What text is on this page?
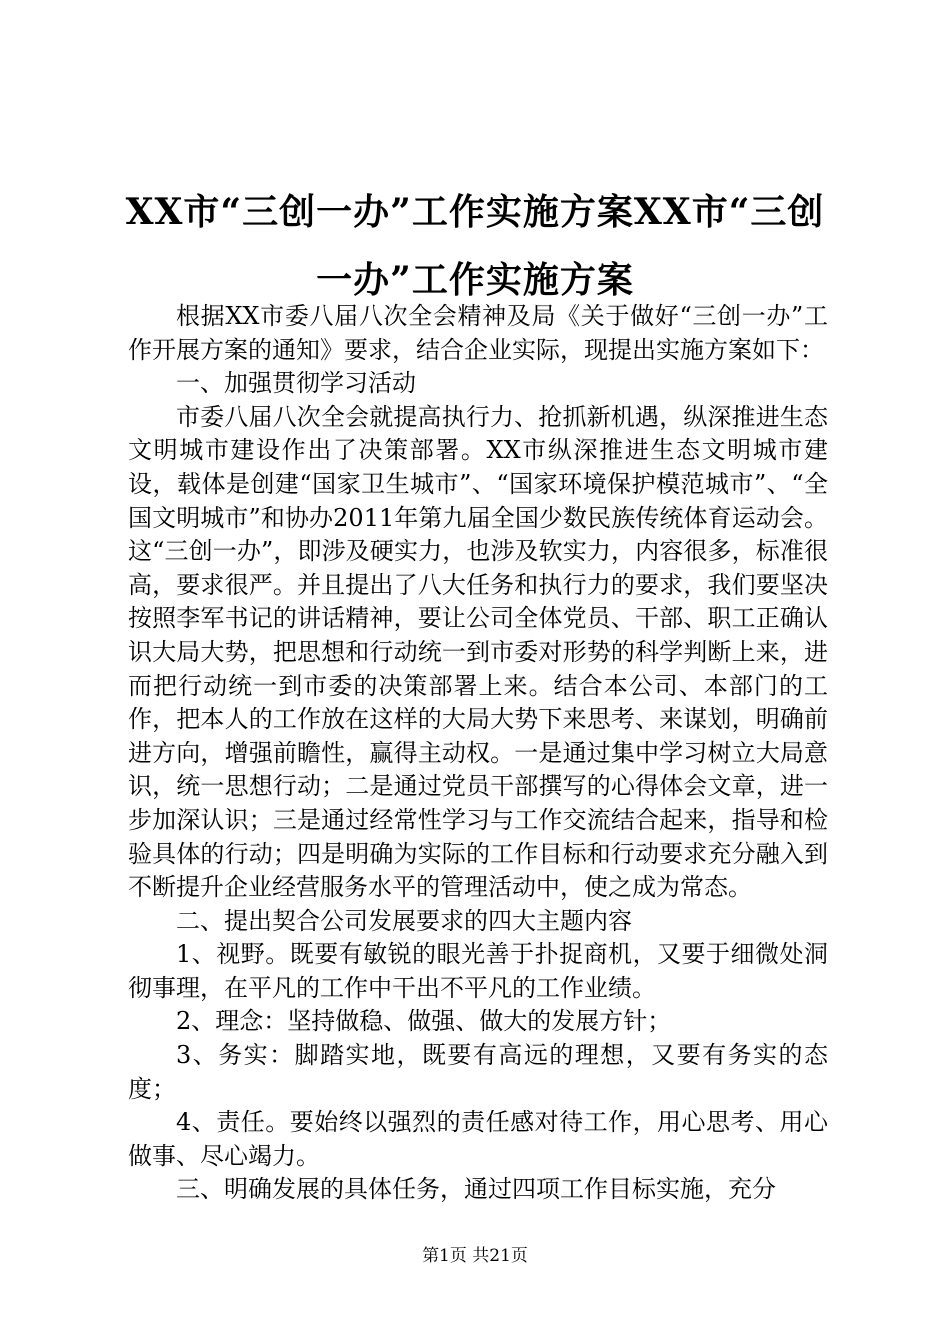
XX市“三创一办”工作实施方案XX市“三创一办”工作实施方案

根据XX市委八届八次全会精神及局《关于做好“三创一办”工作开展方案的通知》要求，结合企业实际，现提出实施方案如下：

一、加强贯彻学习活动

市委八届八次全会就提高执行力、抢抓新机遇，纵深推进生态文明城市建设作出了决策部署。XX市纵深推进生态文明城市建设，载体是创建“国家卫生城市”、“国家环境保护模范城市”、“全国文明城市”和协办2011年第九届全国少数民族传统体育运动会。这“三创一办”，即涉及硬实力，也涉及软实力，内容很多，标准很高，要求很严。并且提出了八大任务和执行力的要求，我们要坚决按照李军书记的讲话精神，要让公司全体党员、干部、职工正确认识大局大势，把思想和行动统一到市委对形势的科学判断上来，进而把行动统一到市委的决策部署上来。结合本公司、本部门的工作，把本人的工作放在这样的大局大势下来思考、来谋划，明确前进方向，增强前瞻性，赢得主动权。一是通过集中学习树立大局意识，统一思想行动；二是通过党员干部撰写的心得体会文章，进一步加深认识；三是通过经常性学习与工作交流结合起来，指导和检验具体的行动；四是明确为实际的工作目标和行动要求充分融入到不断提升企业经营服务水平的管理活动中，使之成为常态。

二、提出契合公司发展要求的四大主题内容

1、视野。既要有敏锐的眼光善于扑捉商机，又要于细微处洞彻事理，在平凡的工作中干出不平凡的工作业绩。

2、理念：坚持做稳、做强、做大的发展方针；

3、务实：脚踏实地，既要有高远的理想，又要有务实的态度；

4、责任。要始终以强烈的责任感对待工作，用心思考、用心做事、尽心竭力。

三、明确发展的具体任务，通过四项工作目标实施，充分

第1页 共21页
